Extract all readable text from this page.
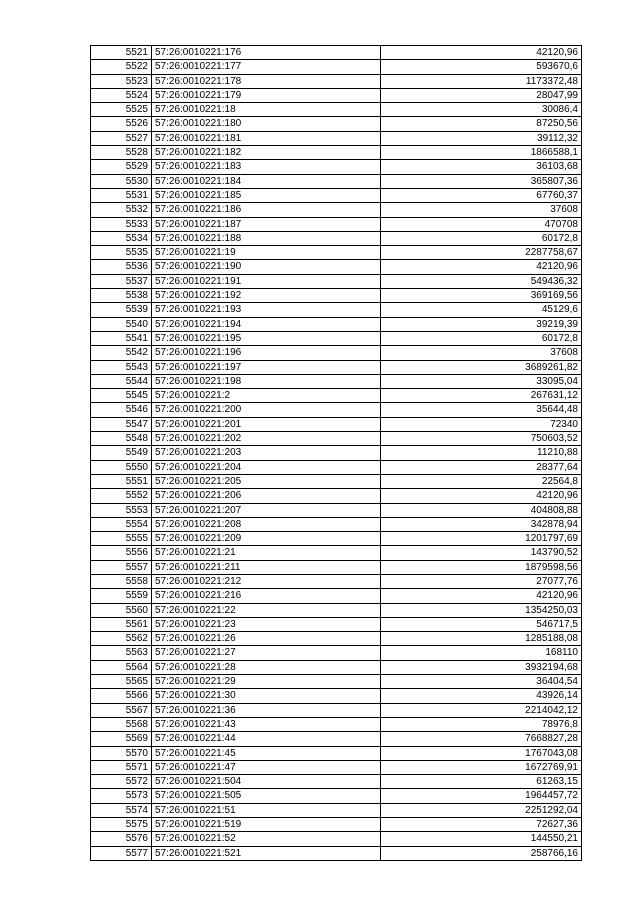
5521	57:26:0010221:176	42120,96
5522	57:26:0010221:177	593670,6
5523	57:26:0010221:178	1173372,48
5524	57:26:0010221:179	28047,99
5525	57:26:0010221:18	30086,4
5526	57:26:0010221:180	87250,56
5527	57:26:0010221:181	39112,32
5528	57:26:0010221:182	1866588,1
5529	57:26:0010221:183	36103,68
5530	57:26:0010221:184	365807,36
5531	57:26:0010221:185	67760,37
5532	57:26:0010221:186	37608
5533	57:26:0010221:187	470708
5534	57:26:0010221:188	60172,8
5535	57:26:0010221:19	2287758,67
5536	57:26:0010221:190	42120,96
5537	57:26:0010221:191	549436,32
5538	57:26:0010221:192	369169,56
5539	57:26:0010221:193	45129,6
5540	57:26:0010221:194	39219,39
5541	57:26:0010221:195	60172,8
5542	57:26:0010221:196	37608
5543	57:26:0010221:197	3689261,82
5544	57:26:0010221:198	33095,04
5545	57:26:0010221:2	267631,12
5546	57:26:0010221:200	35644,48
5547	57:26:0010221:201	72340
5548	57:26:0010221:202	750603,52
5549	57:26:0010221:203	11210,88
5550	57:26:0010221:204	28377,64
5551	57:26:0010221:205	22564,8
5552	57:26:0010221:206	42120,96
5553	57:26:0010221:207	404808,88
5554	57:26:0010221:208	342878,94
5555	57:26:0010221:209	1201797,69
5556	57:26:0010221:21	143790,52
5557	57:26:0010221:211	1879598,56
5558	57:26:0010221:212	27077,76
5559	57:26:0010221:216	42120,96
5560	57:26:0010221:22	1354250,03
5561	57:26:0010221:23	546717,5
5562	57:26:0010221:26	1285188,08
5563	57:26:0010221:27	168110
5564	57:26:0010221:28	3932194,68
5565	57:26:0010221:29	36404,54
5566	57:26:0010221:30	43926,14
5567	57:26:0010221:36	2214042,12
5568	57:26:0010221:43	78976,8
5569	57:26:0010221:44	7668827,28
5570	57:26:0010221:45	1767043,08
5571	57:26:0010221:47	1672769,91
5572	57:26:0010221:504	61263,15
5573	57:26:0010221:505	1964457,72
5574	57:26:0010221:51	2251292,04
5575	57:26:0010221:519	72627,36
5576	57:26:0010221:52	144550,21
5577	57:26:0010221:521	258766,16
